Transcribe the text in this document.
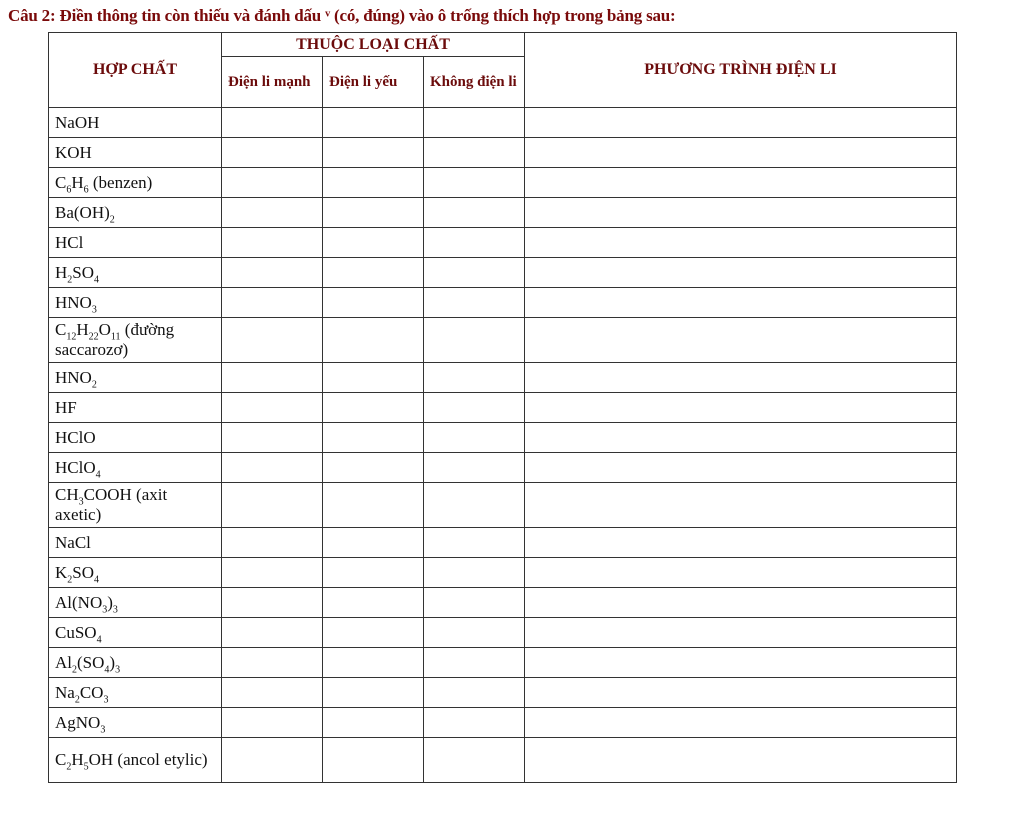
Câu 2: Điền thông tin còn thiếu và đánh dấu ᵛ (có, đúng) vào ô trống thích hợp trong bảng sau:
HỢP CHẤT	THUỘC LOẠI CHẤT			PHƯƠNG TRÌNH ĐIỆN LI
	Điện li mạnh	Điện li yếu	Không điện li	
NaOH				
KOH				
$C_6H_6$ (benzen)				
$Ba(OH)_2$				
HCl				
$H_2SO_4$				
$HNO_3$				
$C_{12}H_{22}O_{11}$ (đường saccarozơ)				
$HNO_2$				
HF				
HClO				
HClO$_4$				
$CH_3COOH$ (axit axetic)				
NaCl				
$K_2SO_4$				
$Al(NO_3)_3$				
CuSO$_4$				
$Al_2(SO_4)_3$				
$Na_2CO_3$				
AgNO$_3$				
$C_2H_5OH$ (ancol etylic)				
